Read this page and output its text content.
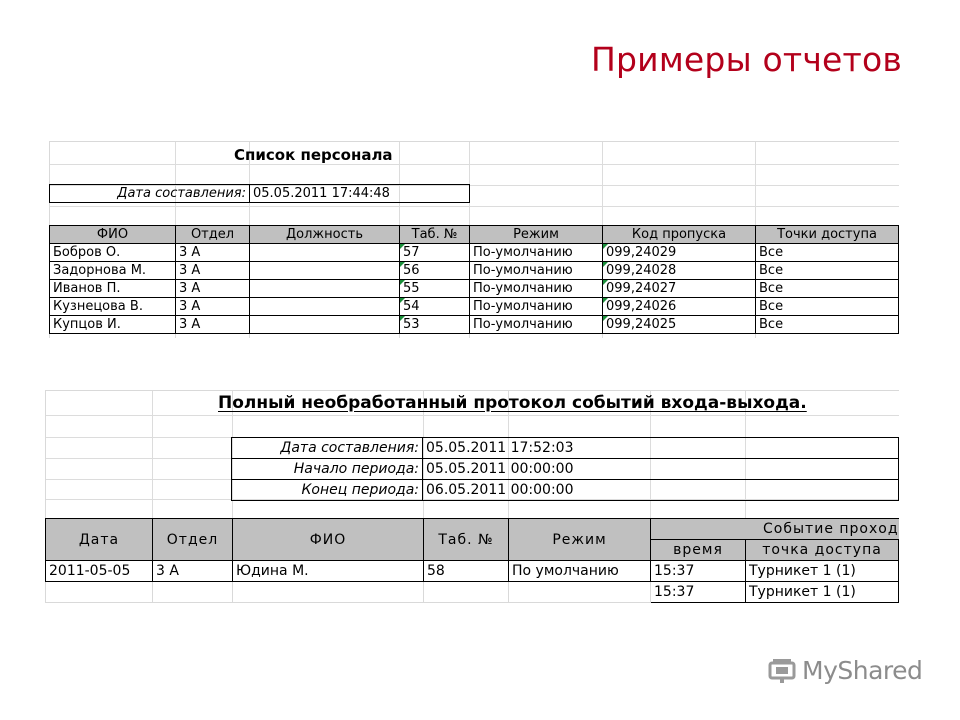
Примеры отчетов
Список персонала
Дата составления:	05.05.2011 17:44:48
ФИО	Отдел	Должность	Таб. №	Режим	Код пропуска	Точки доступа
Бобров О.	3 А		57	По-умолчанию	099,24029	Все
Задорнова М.	3 А		56	По-умолчанию	099,24028	Все
Иванов П.	3 А		55	По-умолчанию	099,24027	Все
Кузнецова В.	3 А		54	По-умолчанию	099,24026	Все
Купцов И.	3 А		53	По-умолчанию	099,24025	Все
Полный необработанный протокол событий входа-выхода.
Дата составления:	05.05.2011 17:52:03
Начало периода:	05.05.2011 00:00:00
Конец периода:	06.05.2011 00:00:00
Дата	Отдел	ФИО	Таб. №	Режим	Событие проход	
					время	точка доступа
2011-05-05	3 А	Юдина М.	58	По умолчанию	15:37	Турникет 1 (1)
					15:37	Турникет 1 (1)
MyShared
